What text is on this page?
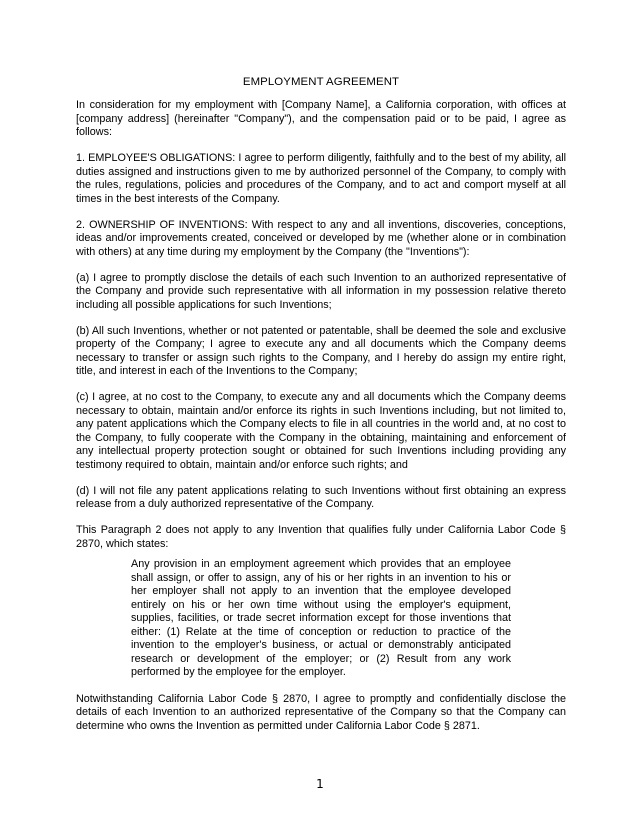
EMPLOYMENT AGREEMENT

In consideration for my employment with [Company Name], a California corporation, with offices at [company address] (hereinafter "Company"), and the compensation paid or to be paid, I agree as follows:

1. EMPLOYEE'S OBLIGATIONS: I agree to perform diligently, faithfully and to the best of my ability, all duties assigned and instructions given to me by authorized personnel of the Company, to comply with the rules, regulations, policies and procedures of the Company, and to act and comport myself at all times in the best interests of the Company.

2. OWNERSHIP OF INVENTIONS: With respect to any and all inventions, discoveries, conceptions, ideas and/or improvements created, conceived or developed by me (whether alone or in combination with others) at any time during my employment by the Company (the "Inventions"):

(a) I agree to promptly disclose the details of each such Invention to an authorized representative of the Company and provide such representative with all information in my possession relative thereto including all possible applications for such Inventions;

(b) All such Inventions, whether or not patented or patentable, shall be deemed the sole and exclusive property of the Company; I agree to execute any and all documents which the Company deems necessary to transfer or assign such rights to the Company, and I hereby do assign my entire right, title, and interest in each of the Inventions to the Company;

(c) I agree, at no cost to the Company, to execute any and all documents which the Company deems necessary to obtain, maintain and/or enforce its rights in such Inventions including, but not limited to, any patent applications which the Company elects to file in all countries in the world and, at no cost to the Company, to fully cooperate with the Company in the obtaining, maintaining and enforcement of any intellectual property protection sought or obtained for such Inventions including providing any testimony required to obtain, maintain and/or enforce such rights; and

(d) I will not file any patent applications relating to such Inventions without first obtaining an express release from a duly authorized representative of the Company.

This Paragraph 2 does not apply to any Invention that qualifies fully under California Labor Code § 2870, which states:

Any provision in an employment agreement which provides that an employee shall assign, or offer to assign, any of his or her rights in an invention to his or her employer shall not apply to an invention that the employee developed entirely on his or her own time without using the employer's equipment, supplies, facilities, or trade secret information except for those inventions that either: (1) Relate at the time of conception or reduction to practice of the invention to the employer's business, or actual or demonstrably anticipated research or development of the employer; or (2) Result from any work performed by the employee for the employer.

Notwithstanding California Labor Code § 2870, I agree to promptly and confidentially disclose the details of each Invention to an authorized representative of the Company so that the Company can determine who owns the Invention as permitted under California Labor Code § 2871.

1
